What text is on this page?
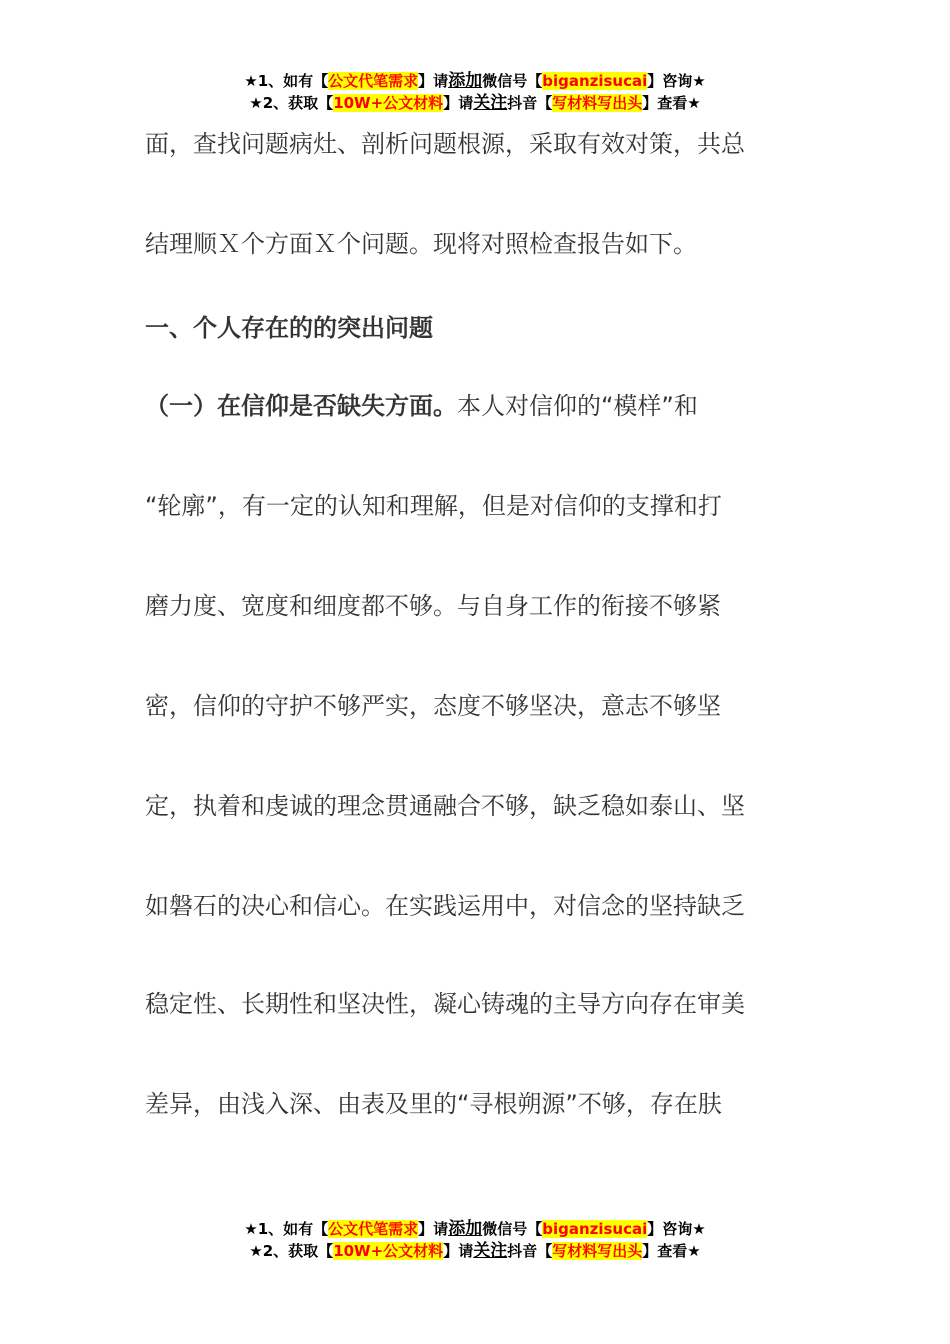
★1、如有【公文代笔需求】请添加微信号【biganzisucai】咨询★
★2、获取【10W+公文材料】请关注抖音【写材料写出头】查看★
面，查找问题病灶、剖析问题根源，采取有效对策，共总
结理顺Ｘ个方面Ｘ个问题。现将对照检查报告如下。
一、个人存在的的突出问题
（一）在信仰是否缺失方面。本人对信仰的“模样”和
“轮廓”，有一定的认知和理解，但是对信仰的支撑和打
磨力度、宽度和细度都不够。与自身工作的衔接不够紧
密，信仰的守护不够严实，态度不够坚决，意志不够坚
定，执着和虔诚的理念贯通融合不够，缺乏稳如泰山、坚
如磐石的决心和信心。在实践运用中，对信念的坚持缺乏
稳定性、长期性和坚决性，凝心铸魂的主导方向存在审美
差异，由浅入深、由表及里的“寻根朔源”不够，存在肤
★1、如有【公文代笔需求】请添加微信号【biganzisucai】咨询★
★2、获取【10W+公文材料】请关注抖音【写材料写出头】查看★
